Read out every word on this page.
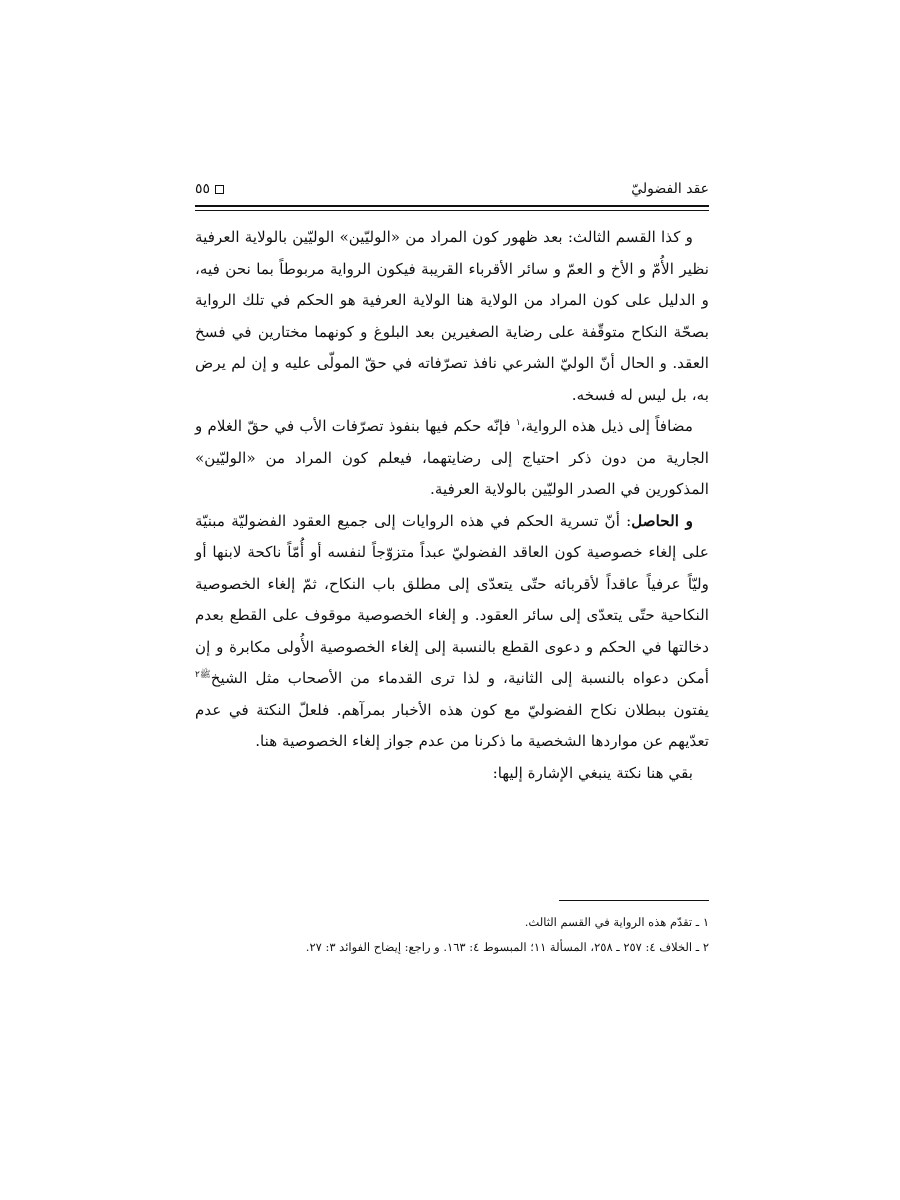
عقد الفضوليّ
٥٥

و كذا القسم الثالث: بعد ظهور كون المراد من «الوليّين» الوليّين بالولاية العرفية نظير الأُمّ و الأخ و العمّ و سائر الأقرباء القريبة فيكون الرواية مربوطاً بما نحن فيه، و الدليل على كون المراد من الولاية هنا الولاية العرفية هو الحكم في تلك الرواية بصحّة النكاح متوقّفة على رضاية الصغيرين بعد البلوغ و كونهما مختارين في فسخ العقد. و الحال أنّ الوليّ الشرعي نافذ تصرّفاته في حقّ المولّى عليه و إن لم يرض به، بل ليس له فسخه.

مضافاً إلى ذيل هذه الرواية،$^١$ فإنّه حكم فيها بنفوذ تصرّفات الأب في حقّ الغلام و الجارية من دون ذكر احتياج إلى رضايتهما، فيعلم كون المراد من «الوليّين» المذكورين في الصدر الوليّين بالولاية العرفية.

و الحاصل: أنّ تسرية الحكم في هذه الروايات إلى جميع العقود الفضوليّة مبنيّة على إلغاء خصوصية كون العاقد الفضوليّ عبداً متزوّجاً لنفسه أو أُمّاً ناكحة لابنها أو وليّاً عرفياً عاقداً لأقربائه حتّى يتعدّى إلى مطلق باب النكاح، ثمّ إلغاء الخصوصية النكاحية حتّى يتعدّى إلى سائر العقود. و إلغاء الخصوصية موقوف على القطع بعدم دخالتها في الحكم و دعوى القطع بالنسبة إلى إلغاء الخصوصية الأُولى مكابرة و إن أمكن دعواه بالنسبة إلى الثانية، و لذا ترى القدماء من الأصحاب مثل الشيخ$^{ﷺ٢}$ يفتون ببطلان نكاح الفضوليّ مع كون هذه الأخبار بمرآهم. فلعلّ النكتة في عدم تعدّيهم عن مواردها الشخصية ما ذكرنا من عدم جواز إلغاء الخصوصية هنا.

بقي هنا نكتة ينبغي الإشارة إليها:

١ ـ تقدّم هذه الرواية في القسم الثالث.

٢ ـ الخلاف ٤: ٢٥٧ ـ ٢٥٨، المسألة ١١؛ المبسوط ٤: ١٦٣. و راجع: إيضاح الفوائد ٣: ٢٧.
